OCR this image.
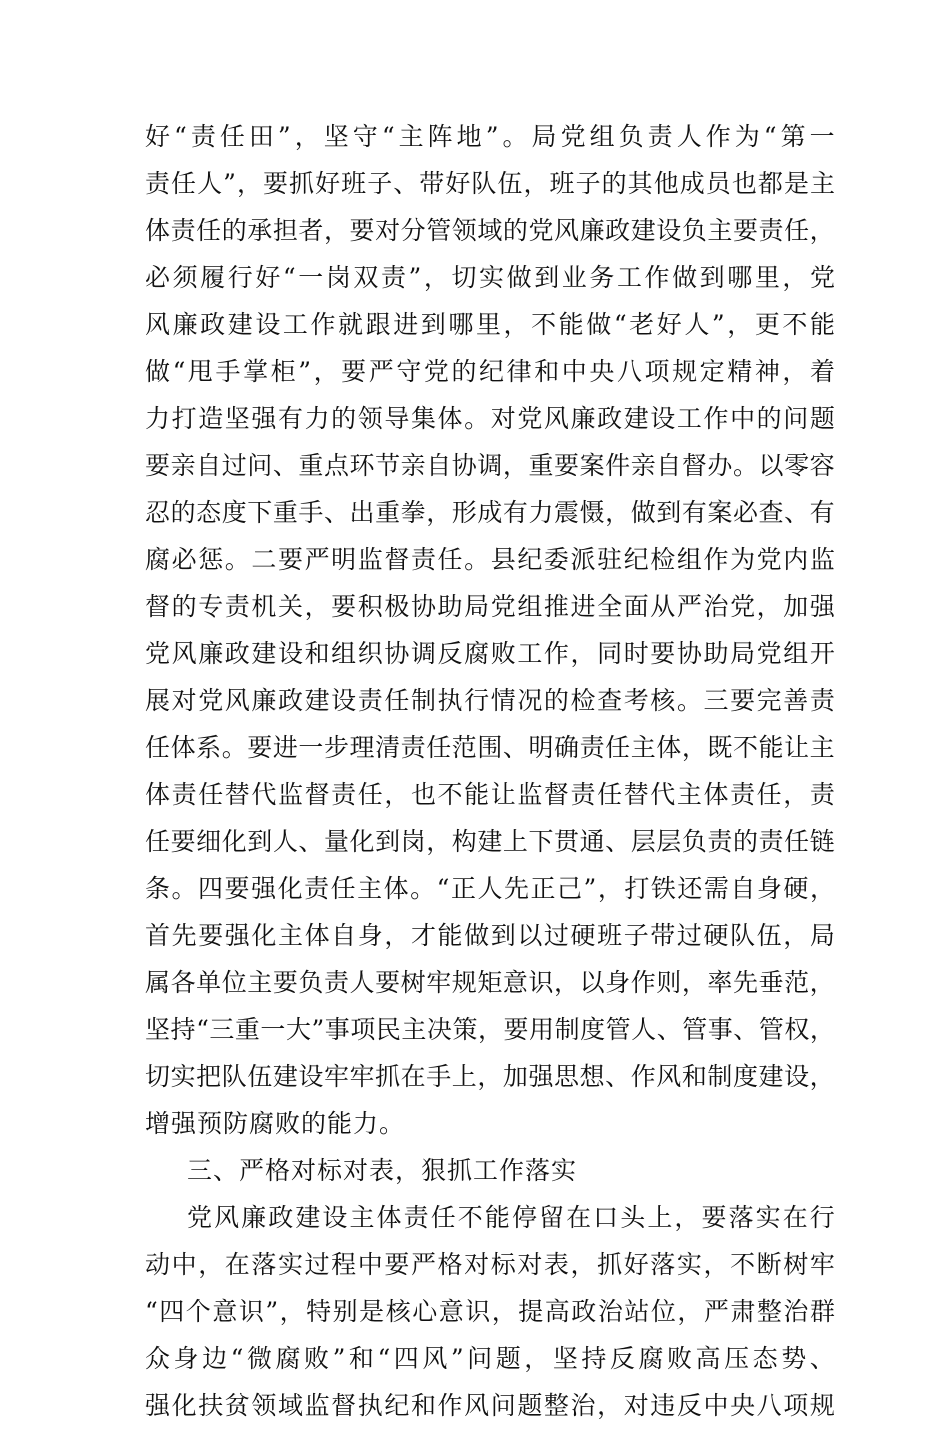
好 “ 责 任 田 ” ， 坚 守 “ 主 阵 地 ” 。 局 党 组 负 责 人 作 为 “ 第 一
责 任 人 ” ， 要 抓 好 班 子 、 带 好 队 伍 ， 班 子 的 其 他 成 员 也 都 是 主
体 责 任 的 承 担 者 ， 要 对 分 管 领 域 的 党 风 廉 政 建 设 负 主 要 责 任 ，
必 须 履 行 好 “ 一 岗 双 责 ” ， 切 实 做 到 业 务 工 作 做 到 哪 里 ， 党
风 廉 政 建 设 工 作 就 跟 进 到 哪 里 ， 不 能 做 “ 老 好 人 ” ， 更 不 能
做 “ 甩 手 掌 柜 ” ， 要 严 守 党 的 纪 律 和 中 央 八 项 规 定 精 神 ， 着
力 打 造 坚 强 有 力 的 领 导 集 体 。 对 党 风 廉 政 建 设 工 作 中 的 问 题
要 亲 自 过 问 、 重 点 环 节 亲 自 协 调 ， 重 要 案 件 亲 自 督 办 。 以 零 容
忍 的 态 度 下 重 手 、 出 重 拳 ， 形 成 有 力 震 慑 ， 做 到 有 案 必 查 、 有
腐 必 惩 。 二 要 严 明 监 督 责 任 。 县 纪 委 派 驻 纪 检 组 作 为 党 内 监
督 的 专 责 机 关 ， 要 积 极 协 助 局 党 组 推 进 全 面 从 严 治 党 ， 加 强
党 风 廉 政 建 设 和 组 织 协 调 反 腐 败 工 作 ， 同 时 要 协 助 局 党 组 开
展 对 党 风 廉 政 建 设 责 任 制 执 行 情 况 的 检 查 考 核 。 三 要 完 善 责
任 体 系 。 要 进 一 步 理 清 责 任 范 围 、 明 确 责 任 主 体 ， 既 不 能 让 主
体 责 任 替 代 监 督 责 任 ， 也 不 能 让 监 督 责 任 替 代 主 体 责 任 ， 责
任 要 细 化 到 人 、 量 化 到 岗 ， 构 建 上 下 贯 通 、 层 层 负 责 的 责 任 链
条 。 四 要 强 化 责 任 主 体 。 “ 正 人 先 正 己 ” ， 打 铁 还 需 自 身 硬 ，
首 先 要 强 化 主 体 自 身 ， 才 能 做 到 以 过 硬 班 子 带 过 硬 队 伍 ， 局
属 各 单 位 主 要 负 责 人 要 树 牢 规 矩 意 识 ， 以 身 作 则 ， 率 先 垂 范 ，
坚 持 “ 三 重 一 大 ” 事 项 民 主 决 策 ， 要 用 制 度 管 人 、 管 事 、 管 权 ，
切 实 把 队 伍 建 设 牢 牢 抓 在 手 上 ， 加 强 思 想 、 作 风 和 制 度 建 设 ，
增强预防腐败的能力。
三、严格对标对表，狠抓工作落实
党 风 廉 政 建 设 主 体 责 任 不 能 停 留 在 口 头 上 ， 要 落 实 在 行
动 中 ， 在 落 实 过 程 中 要 严 格 对 标 对 表 ， 抓 好 落 实 ， 不 断 树 牢
“ 四 个 意 识 ” ， 特 别 是 核 心 意 识 ， 提 高 政 治 站 位 ， 严 肃 整 治 群
众 身 边 “ 微 腐 败 ” 和 “ 四 风 ” 问 题 ， 坚 持 反 腐 败 高 压 态 势 、
强 化 扶 贫 领 域 监 督 执 纪 和 作 风 问 题 整 治 ， 对 违 反 中 央 八 项 规
